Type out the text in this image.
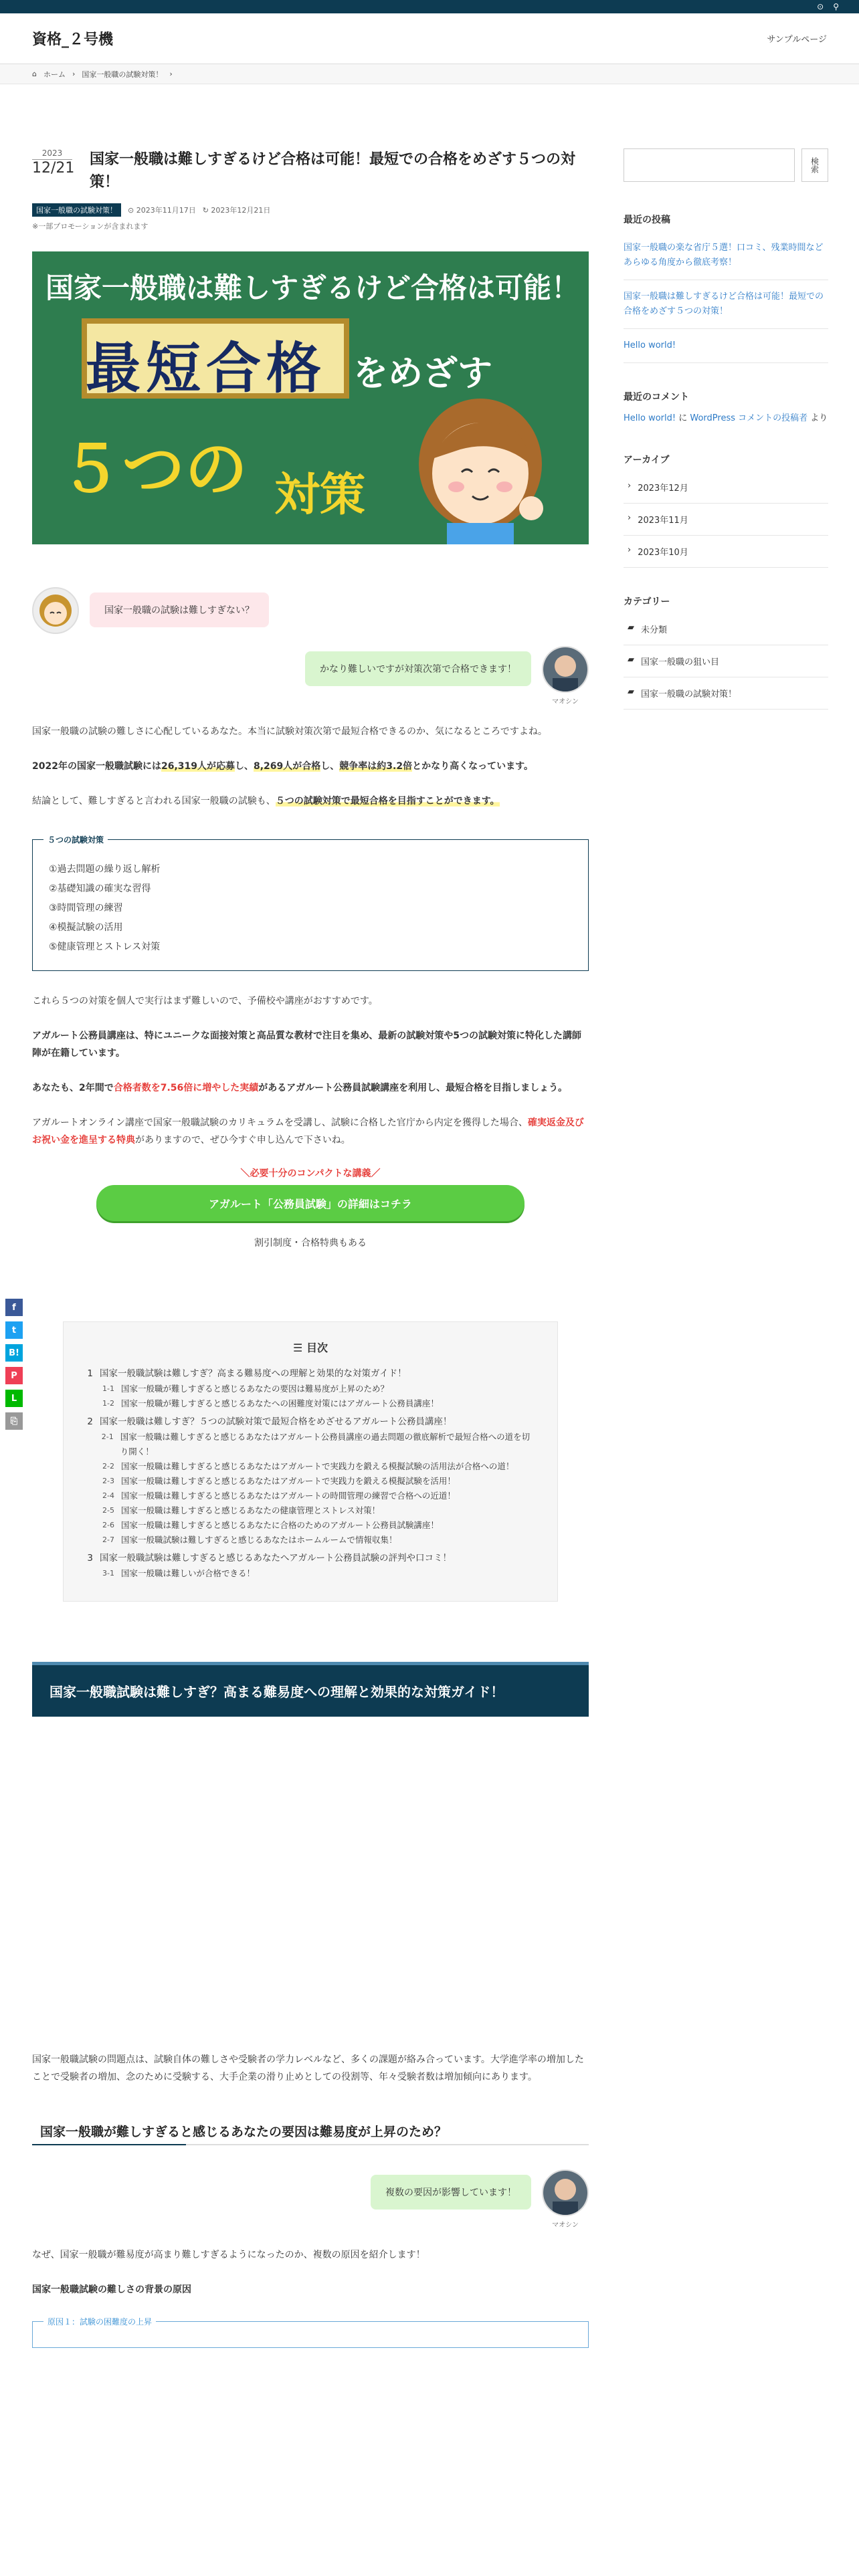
⊙ ⚲
資格_２号機	サンプルページ
⌂ ホーム › 国家一般職の試験対策！ ›
2023
12/21
国家一般職は難しすぎるけど合格は可能！最短での合格をめざす５つの対策！
国家一般職の試験対策！	⊙ 2023年11月17日 ↻ 2023年12月21日
※一部プロモーションが含まれます
国家一般職は難しすぎるけど合格は可能！
最短合格 をめざす
５つの 対策
国家一般職の試験は難しすぎない？
かなり難しいですが対策次第で合格できます！
マオシン

国家一般職の試験の難しさに心配しているあなた。本当に試験対策次第で最短合格できるのか、気になるところですよね。

2022年の国家一般職試験には26,319人が応募し、8,269人が合格し、競争率は約3.2倍とかなり高くなっています。

結論として、難しすぎると言われる国家一般職の試験も、５つの試験対策で最短合格を目指すことができます。

５つの試験対策
①過去問題の繰り返し解析
②基礎知識の確実な習得
③時間管理の練習
④模擬試験の活用
⑤健康管理とストレス対策

これら５つの対策を個人で実行はまず難しいので、予備校や講座がおすすめです。

アガルート公務員講座は、特にユニークな面接対策と高品質な教材で注目を集め、最新の試験対策や5つの試験対策に特化した講師陣が在籍しています。

あなたも、2年間で合格者数を7.56倍に増やした実績があるアガルート公務員試験講座を利用し、最短合格を目指しましょう。

アガルートオンライン講座で国家一般職試験のカリキュラムを受講し、試験に合格した官庁から内定を獲得した場合、確実返金及びお祝い金を進呈する特典がありますので、ぜひ今すぐ申し込んで下さいね。

＼必要十分のコンパクトな講義／
アガルート「公務員試験」の詳細はコチラ
割引制度・合格特典もある
☰ 目次
1 国家一般職試験は難しすぎ？高まる難易度への理解と効果的な対策ガイド！
1-1 国家一般職が難しすぎると感じるあなたの要因は難易度が上昇のため？
1-2 国家一般職が難しすぎると感じるあなたへの困難度対策にはアガルート公務員講座！
2 国家一般職は難しすぎ？５つの試験対策で最短合格をめざせるアガルート公務員講座！
2-1 国家一般職は難しすぎると感じるあなたはアガルート公務員講座の過去問題の徹底解析で最短合格への道を切り開く！
2-2 国家一般職は難しすぎると感じるあなたはアガルートで実践力を鍛える模擬試験の活用法が合格への道！
2-3 国家一般職は難しすぎると感じるあなたはアガルートで実践力を鍛える模擬試験を活用！
2-4 国家一般職は難しすぎると感じるあなたはアガルートの時間管理の練習で合格への近道！
2-5 国家一般職は難しすぎると感じるあなたの健康管理とストレス対策！
2-6 国家一般職は難しすぎると感じるあなたに合格のためのアガルート公務員試験講座！
2-7 国家一般職試験は難しすぎると感じるあなたはホームルームで情報収集！
3 国家一般職試験は難しすぎると感じるあなたへアガルート公務員試験の評判や口コミ！
3-1 国家一般職は難しいが合格できる！
国家一般職試験は難しすぎ？高まる難易度への理解と効果的な対策ガイド！

国家一般職試験の問題点は、試験自体の難しさや受験者の学力レベルなど、多くの課題が絡み合っています。大学進学率の増加したことで受験者の増加、念のために受験する、大手企業の滑り止めとしての役割等、年々受験者数は増加傾向にあります。

国家一般職が難しすぎると感じるあなたの要因は難易度が上昇のため？
複数の要因が影響しています！
マオシン

なぜ、国家一般職が難易度が高まり難しすぎるようになったのか、複数の原因を紹介します！

国家一般職試験の難しさの背景の原因

原因１：試験の困難度の上昇
検索
最近の投稿
国家一般職の楽な省庁５選！口コミ、残業時間などあらゆる角度から徹底考察！
国家一般職は難しすぎるけど合格は可能！最短での合格をめざす５つの対策！
Hello world!
最近のコメント
Hello world! に WordPress コメントの投稿者 より
アーカイブ
› 2023年12月
› 2023年11月
› 2023年10月
カテゴリー
▰ 未分類
▰ 国家一般職の狙い目
▰ 国家一般職の試験対策！
f
t
B!
P
L
⎘
